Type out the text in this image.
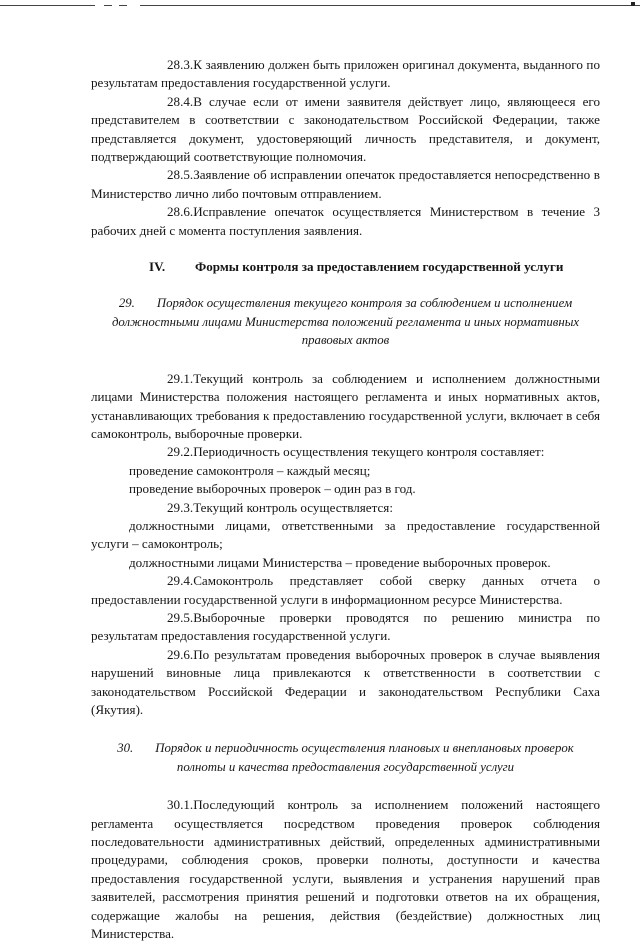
28.3.К заявлению должен быть приложен оригинал документа, выданного по результатам предоставления государственной услуги.

28.4.В случае если от имени заявителя действует лицо, являющееся его представителем в соответствии с законодательством Российской Федерации, также представляется документ, удостоверяющий личность представителя, и документ, подтверждающий соответствующие полномочия.

28.5.Заявление об исправлении опечаток предоставляется непосредственно в Министерство лично либо почтовым отправлением.

28.6.Исправление опечаток осуществляется Министерством в течение 3 рабочих дней с момента поступления заявления.

IV. Формы контроля за предоставлением государственной услуги

29. Порядок осуществления текущего контроля за соблюдением и исполнением должностными лицами Министерства положений регламента и иных нормативных правовых актов

29.1.Текущий контроль за соблюдением и исполнением должностными лицами Министерства положения настоящего регламента и иных нормативных актов, устанавливающих требования к предоставлению государственной услуги, включает в себя самоконтроль, выборочные проверки.

29.2.Периодичность осуществления текущего контроля составляет:

проведение самоконтроля – каждый месяц;

проведение выборочных проверок – один раз в год.

29.3.Текущий контроль осуществляется:

должностными лицами, ответственными за предоставление государственной услуги – самоконтроль;

должностными лицами Министерства – проведение выборочных проверок.

29.4.Самоконтроль представляет собой сверку данных отчета о предоставлении государственной услуги в информационном ресурсе Министерства.

29.5.Выборочные проверки проводятся по решению министра по результатам предоставления государственной услуги.

29.6.По результатам проведения выборочных проверок в случае выявления нарушений виновные лица привлекаются к ответственности в соответствии с законодательством Российской Федерации и законодательством Республики Саха (Якутия).

30. Порядок и периодичность осуществления плановых и внеплановых проверок полноты и качества предоставления государственной услуги

30.1.Последующий контроль за исполнением положений настоящего регламента осуществляется посредством проведения проверок соблюдения последовательности административных действий, определенных административными процедурами, соблюдения сроков, проверки полноты, доступности и качества предоставления государственной услуги, выявления и устранения нарушений прав заявителей, рассмотрения принятия решений и подготовки ответов на их обращения, содержащие жалобы на решения, действия (бездействие) должностных лиц Министерства.
